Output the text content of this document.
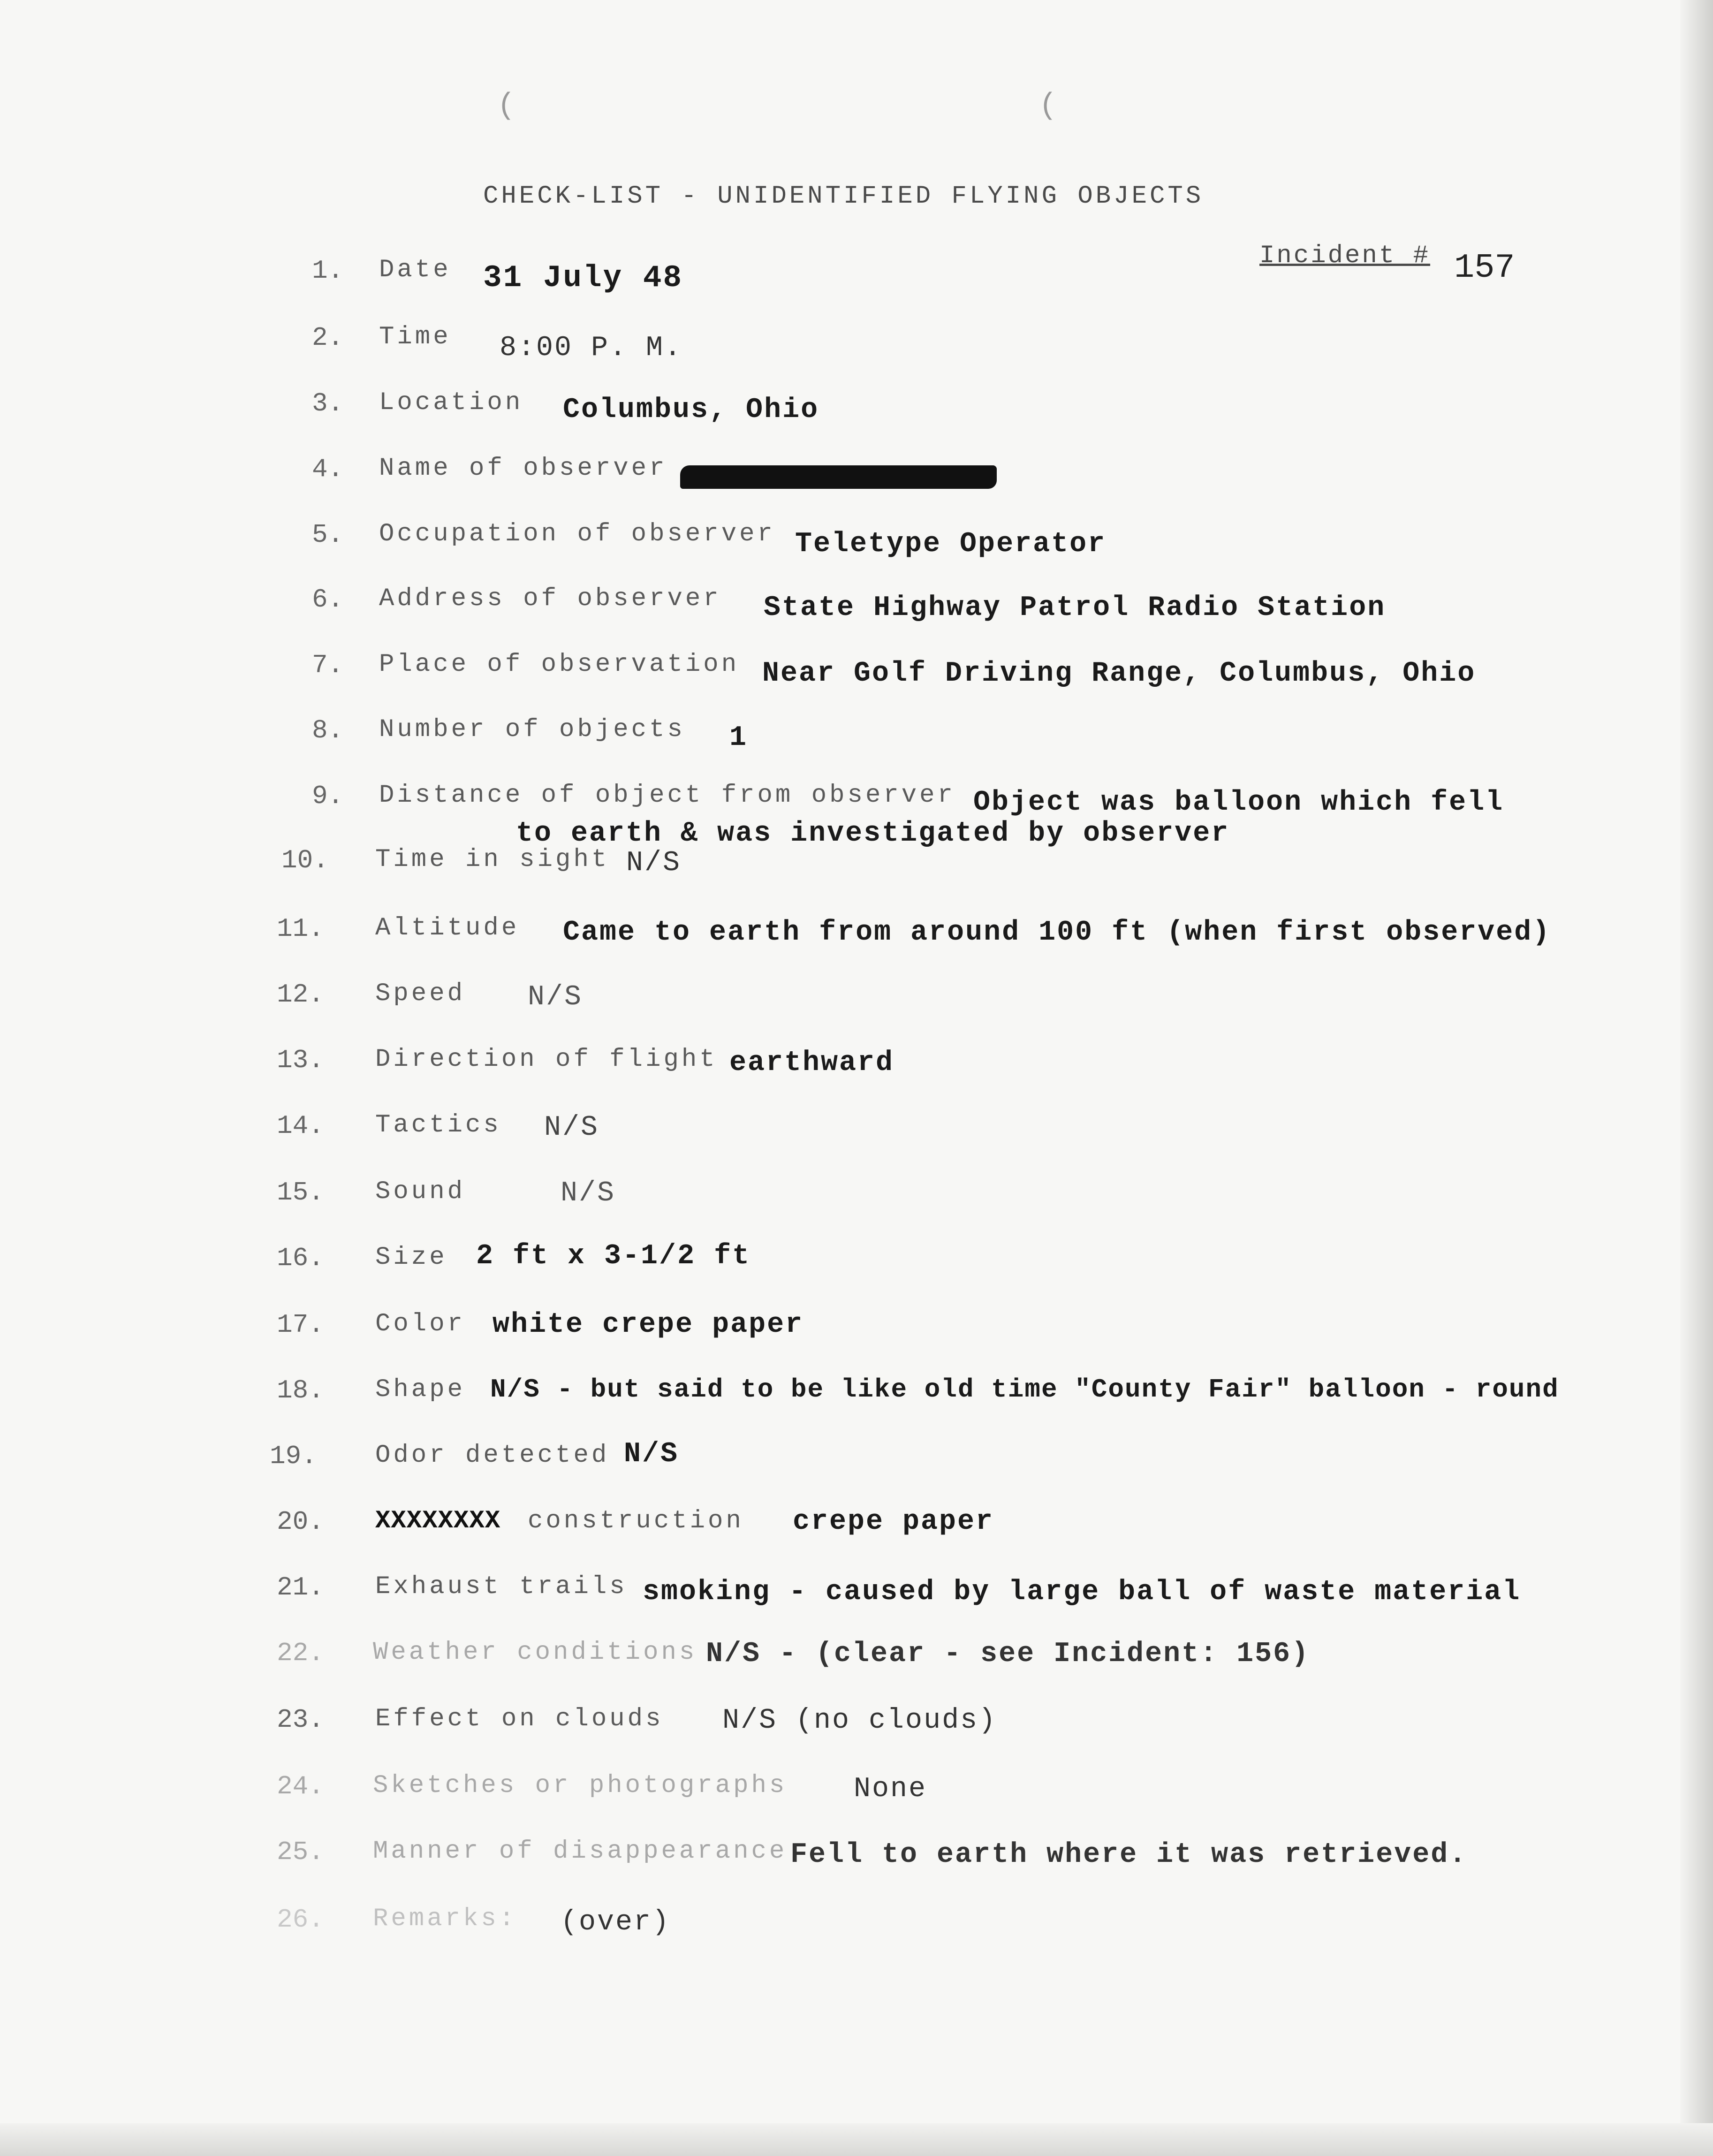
(	(
CHECK-LIST - UNIDENTIFIED FLYING OBJECTS
Incident # 157
1. Date 31 July 48
2. Time 8:00 P. M.
3. Location Columbus, Ohio
4. Name of observer
5. Occupation of observer Teletype Operator
6. Address of observer State Highway Patrol Radio Station
7. Place of observation Near Golf Driving Range, Columbus, Ohio
8. Number of objects 1
9. Distance of object from observer Object was balloon which fell
to earth & was investigated by observer
10. Time in sight N/S
11. Altitude Came to earth from around 100 ft (when first observed)
12. Speed N/S
13. Direction of flight earthward
14. Tactics N/S
15. Sound	N/S
16. Size 2 ft x 3-1/2 ft
17. Color white crepe paper
18. Shape N/S - but said to be like old time "County Fair" balloon - round
19. Odor detected N/S
20. XXXXXXXX construction crepe paper
21. Exhaust trails smoking - caused by large ball of waste material
22. Weather conditions N/S - (clear - see Incident: 156)
23. Effect on clouds N/S (no clouds)
24. Sketches or photographs None
25. Manner of disappearance Fell to earth where it was retrieved.
26. Remarks: (over)
